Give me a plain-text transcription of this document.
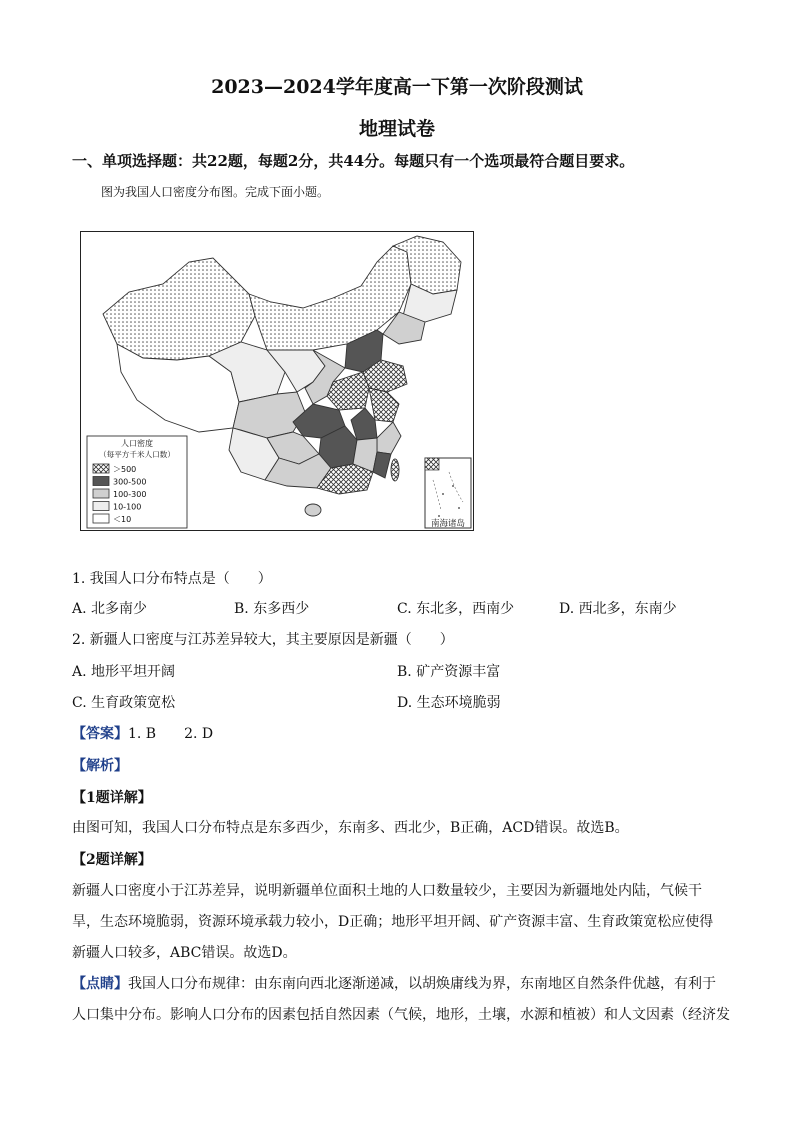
2023—2024学年度高一下第一次阶段测试
地理试卷
一、单项选择题：共22题，每题2分，共44分。每题只有一个选项最符合题目要求。
图为我国人口密度分布图。完成下面小题。
南海诸岛
人口密度
（每平方千米人口数）
＞500
300-500
100-300
10-100
＜10
1. 我国人口分布特点是（　　）
A. 北多南少	B. 东多西少	C. 东北多，西南少	D. 西北多，东南少
2. 新疆人口密度与江苏差异较大，其主要原因是新疆（　　）
A. 地形平坦开阔	B. 矿产资源丰富
C. 生育政策宽松	D. 生态环境脆弱
【答案】1. B　　2. D
【解析】
【1题详解】
由图可知，我国人口分布特点是东多西少，东南多、西北少，B正确，ACD错误。故选B。
【2题详解】
新疆人口密度小于江苏差异，说明新疆单位面积土地的人口数量较少，主要因为新疆地处内陆，气候干
旱，生态环境脆弱，资源环境承载力较小，D正确；地形平坦开阔、矿产资源丰富、生育政策宽松应使得
新疆人口较多，ABC错误。故选D。
【点睛】我国人口分布规律：由东南向西北逐渐递减，以胡焕庸线为界，东南地区自然条件优越，有利于
人口集中分布。影响人口分布的因素包括自然因素（气候，地形，土壤，水源和植被）和人文因素（经济发
